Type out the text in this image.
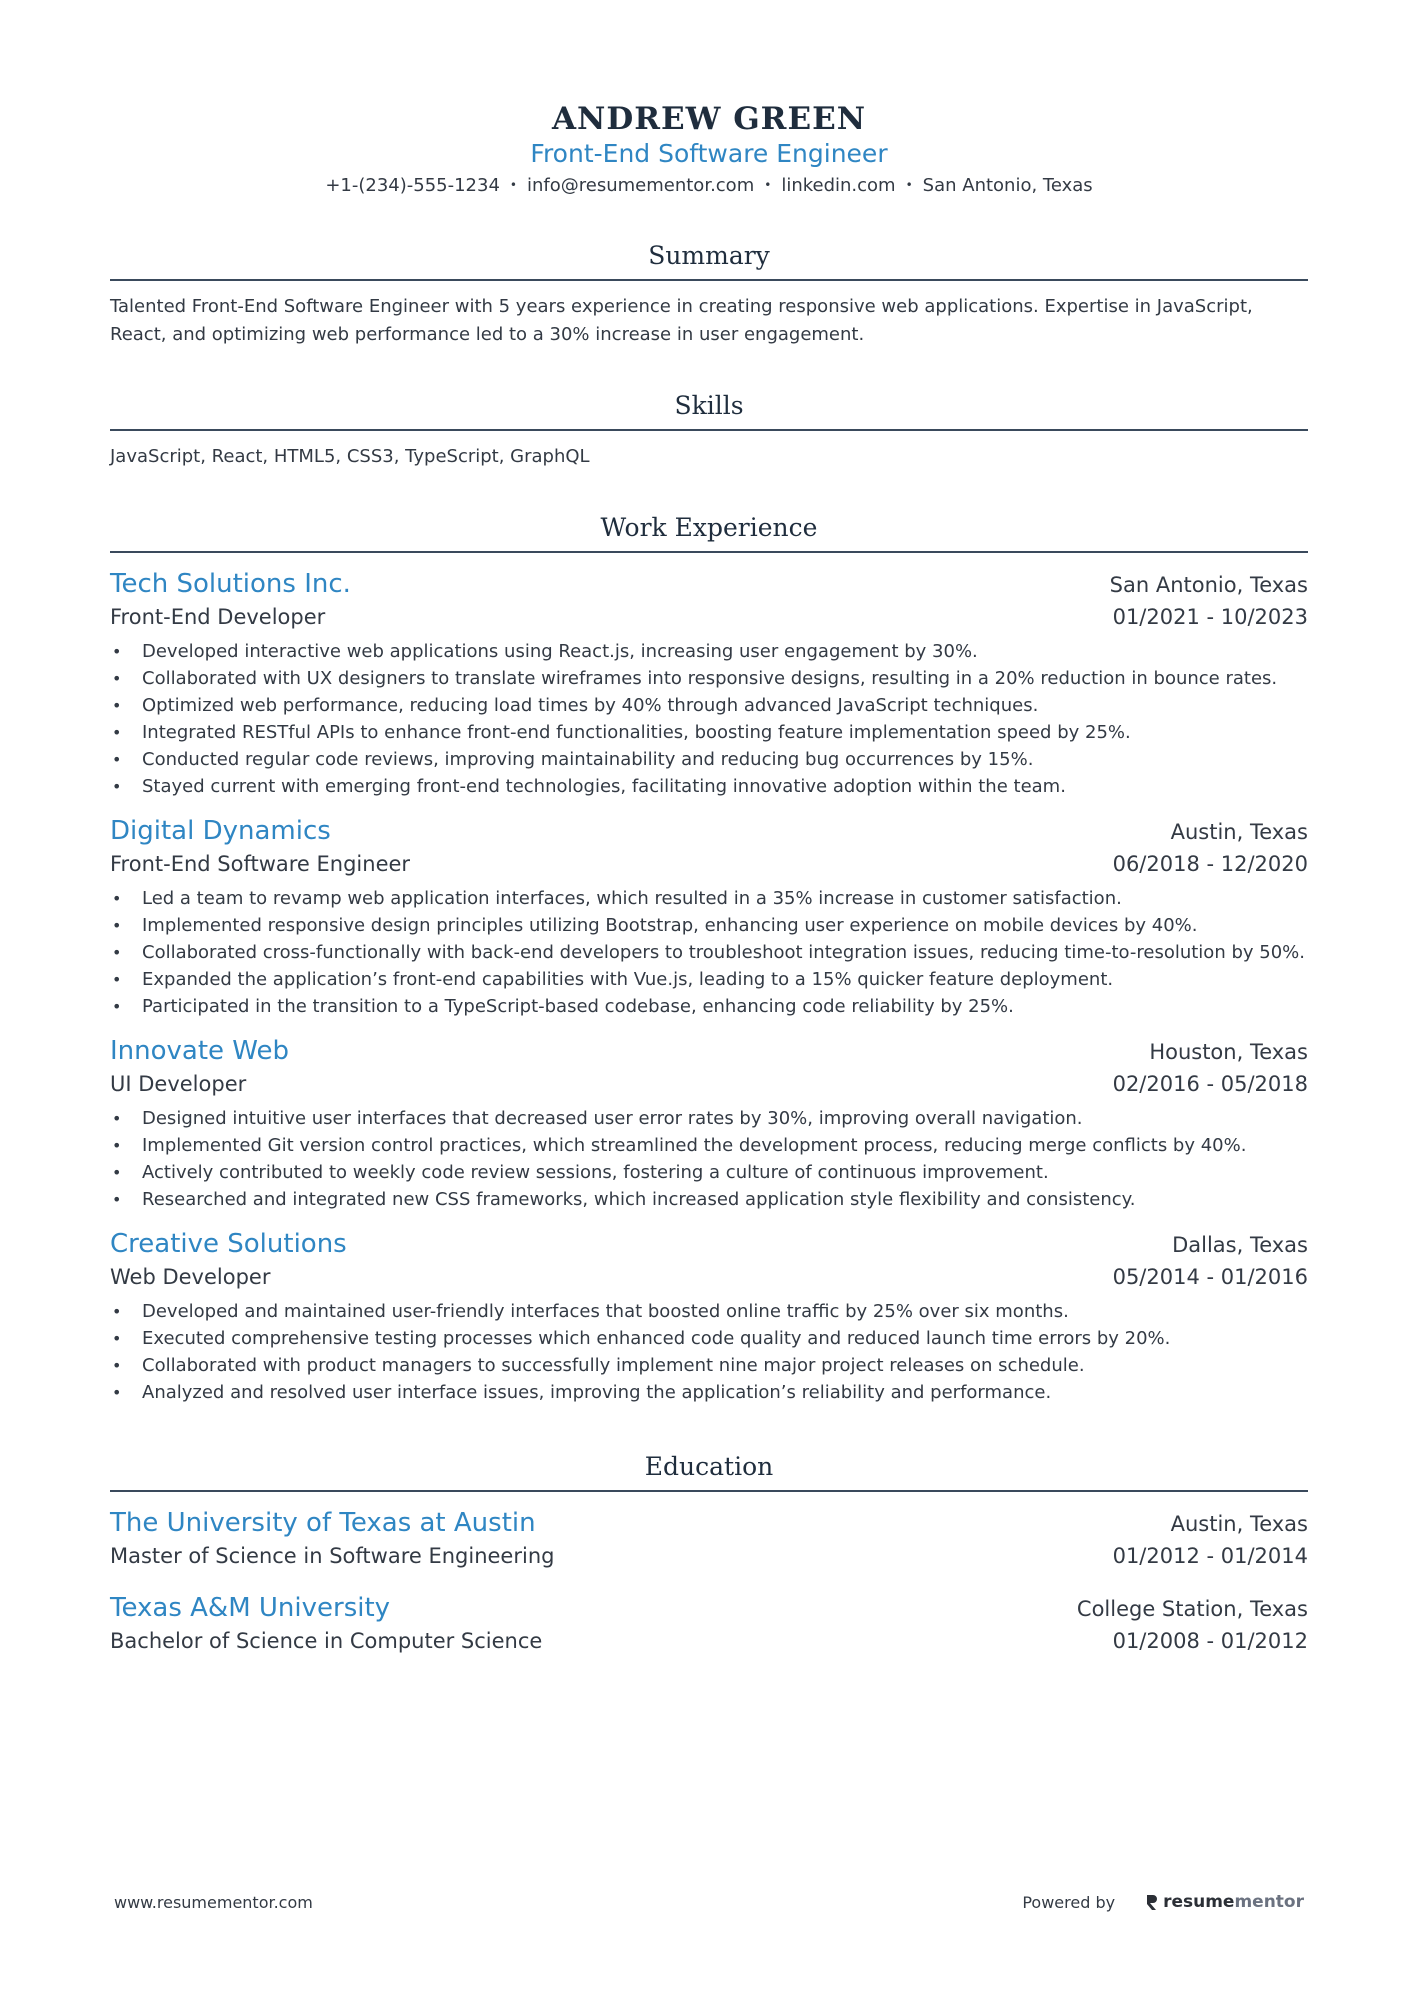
ANDREW GREEN
Front-End Software Engineer
+1-(234)-555-1234 • info@resumementor.com • linkedin.com • San Antonio, Texas
Summary
Talented Front-End Software Engineer with 5 years experience in creating responsive web applications. Expertise in JavaScript, React, and optimizing web performance led to a 30% increase in user engagement.
Skills
JavaScript, React, HTML5, CSS3, TypeScript, GraphQL
Work Experience
Tech Solutions Inc.	San Antonio, Texas
Front-End Developer	01/2021 - 10/2023
• Developed interactive web applications using React.js, increasing user engagement by 30%.
• Collaborated with UX designers to translate wireframes into responsive designs, resulting in a 20% reduction in bounce rates.
• Optimized web performance, reducing load times by 40% through advanced JavaScript techniques.
• Integrated RESTful APIs to enhance front-end functionalities, boosting feature implementation speed by 25%.
• Conducted regular code reviews, improving maintainability and reducing bug occurrences by 15%.
• Stayed current with emerging front-end technologies, facilitating innovative adoption within the team.
Digital Dynamics	Austin, Texas
Front-End Software Engineer	06/2018 - 12/2020
• Led a team to revamp web application interfaces, which resulted in a 35% increase in customer satisfaction.
• Implemented responsive design principles utilizing Bootstrap, enhancing user experience on mobile devices by 40%.
• Collaborated cross-functionally with back-end developers to troubleshoot integration issues, reducing time-to-resolution by 50%.
• Expanded the application’s front-end capabilities with Vue.js, leading to a 15% quicker feature deployment.
• Participated in the transition to a TypeScript-based codebase, enhancing code reliability by 25%.
Innovate Web	Houston, Texas
UI Developer	02/2016 - 05/2018
• Designed intuitive user interfaces that decreased user error rates by 30%, improving overall navigation.
• Implemented Git version control practices, which streamlined the development process, reducing merge conflicts by 40%.
• Actively contributed to weekly code review sessions, fostering a culture of continuous improvement.
• Researched and integrated new CSS frameworks, which increased application style flexibility and consistency.
Creative Solutions	Dallas, Texas
Web Developer	05/2014 - 01/2016
• Developed and maintained user-friendly interfaces that boosted online traffic by 25% over six months.
• Executed comprehensive testing processes which enhanced code quality and reduced launch time errors by 20%.
• Collaborated with product managers to successfully implement nine major project releases on schedule.
• Analyzed and resolved user interface issues, improving the application’s reliability and performance.
Education
The University of Texas at Austin	Austin, Texas
Master of Science in Software Engineering	01/2012 - 01/2014
Texas A&M University	College Station, Texas
Bachelor of Science in Computer Science	01/2008 - 01/2012
www.resumementor.com	Powered by	resumementor
